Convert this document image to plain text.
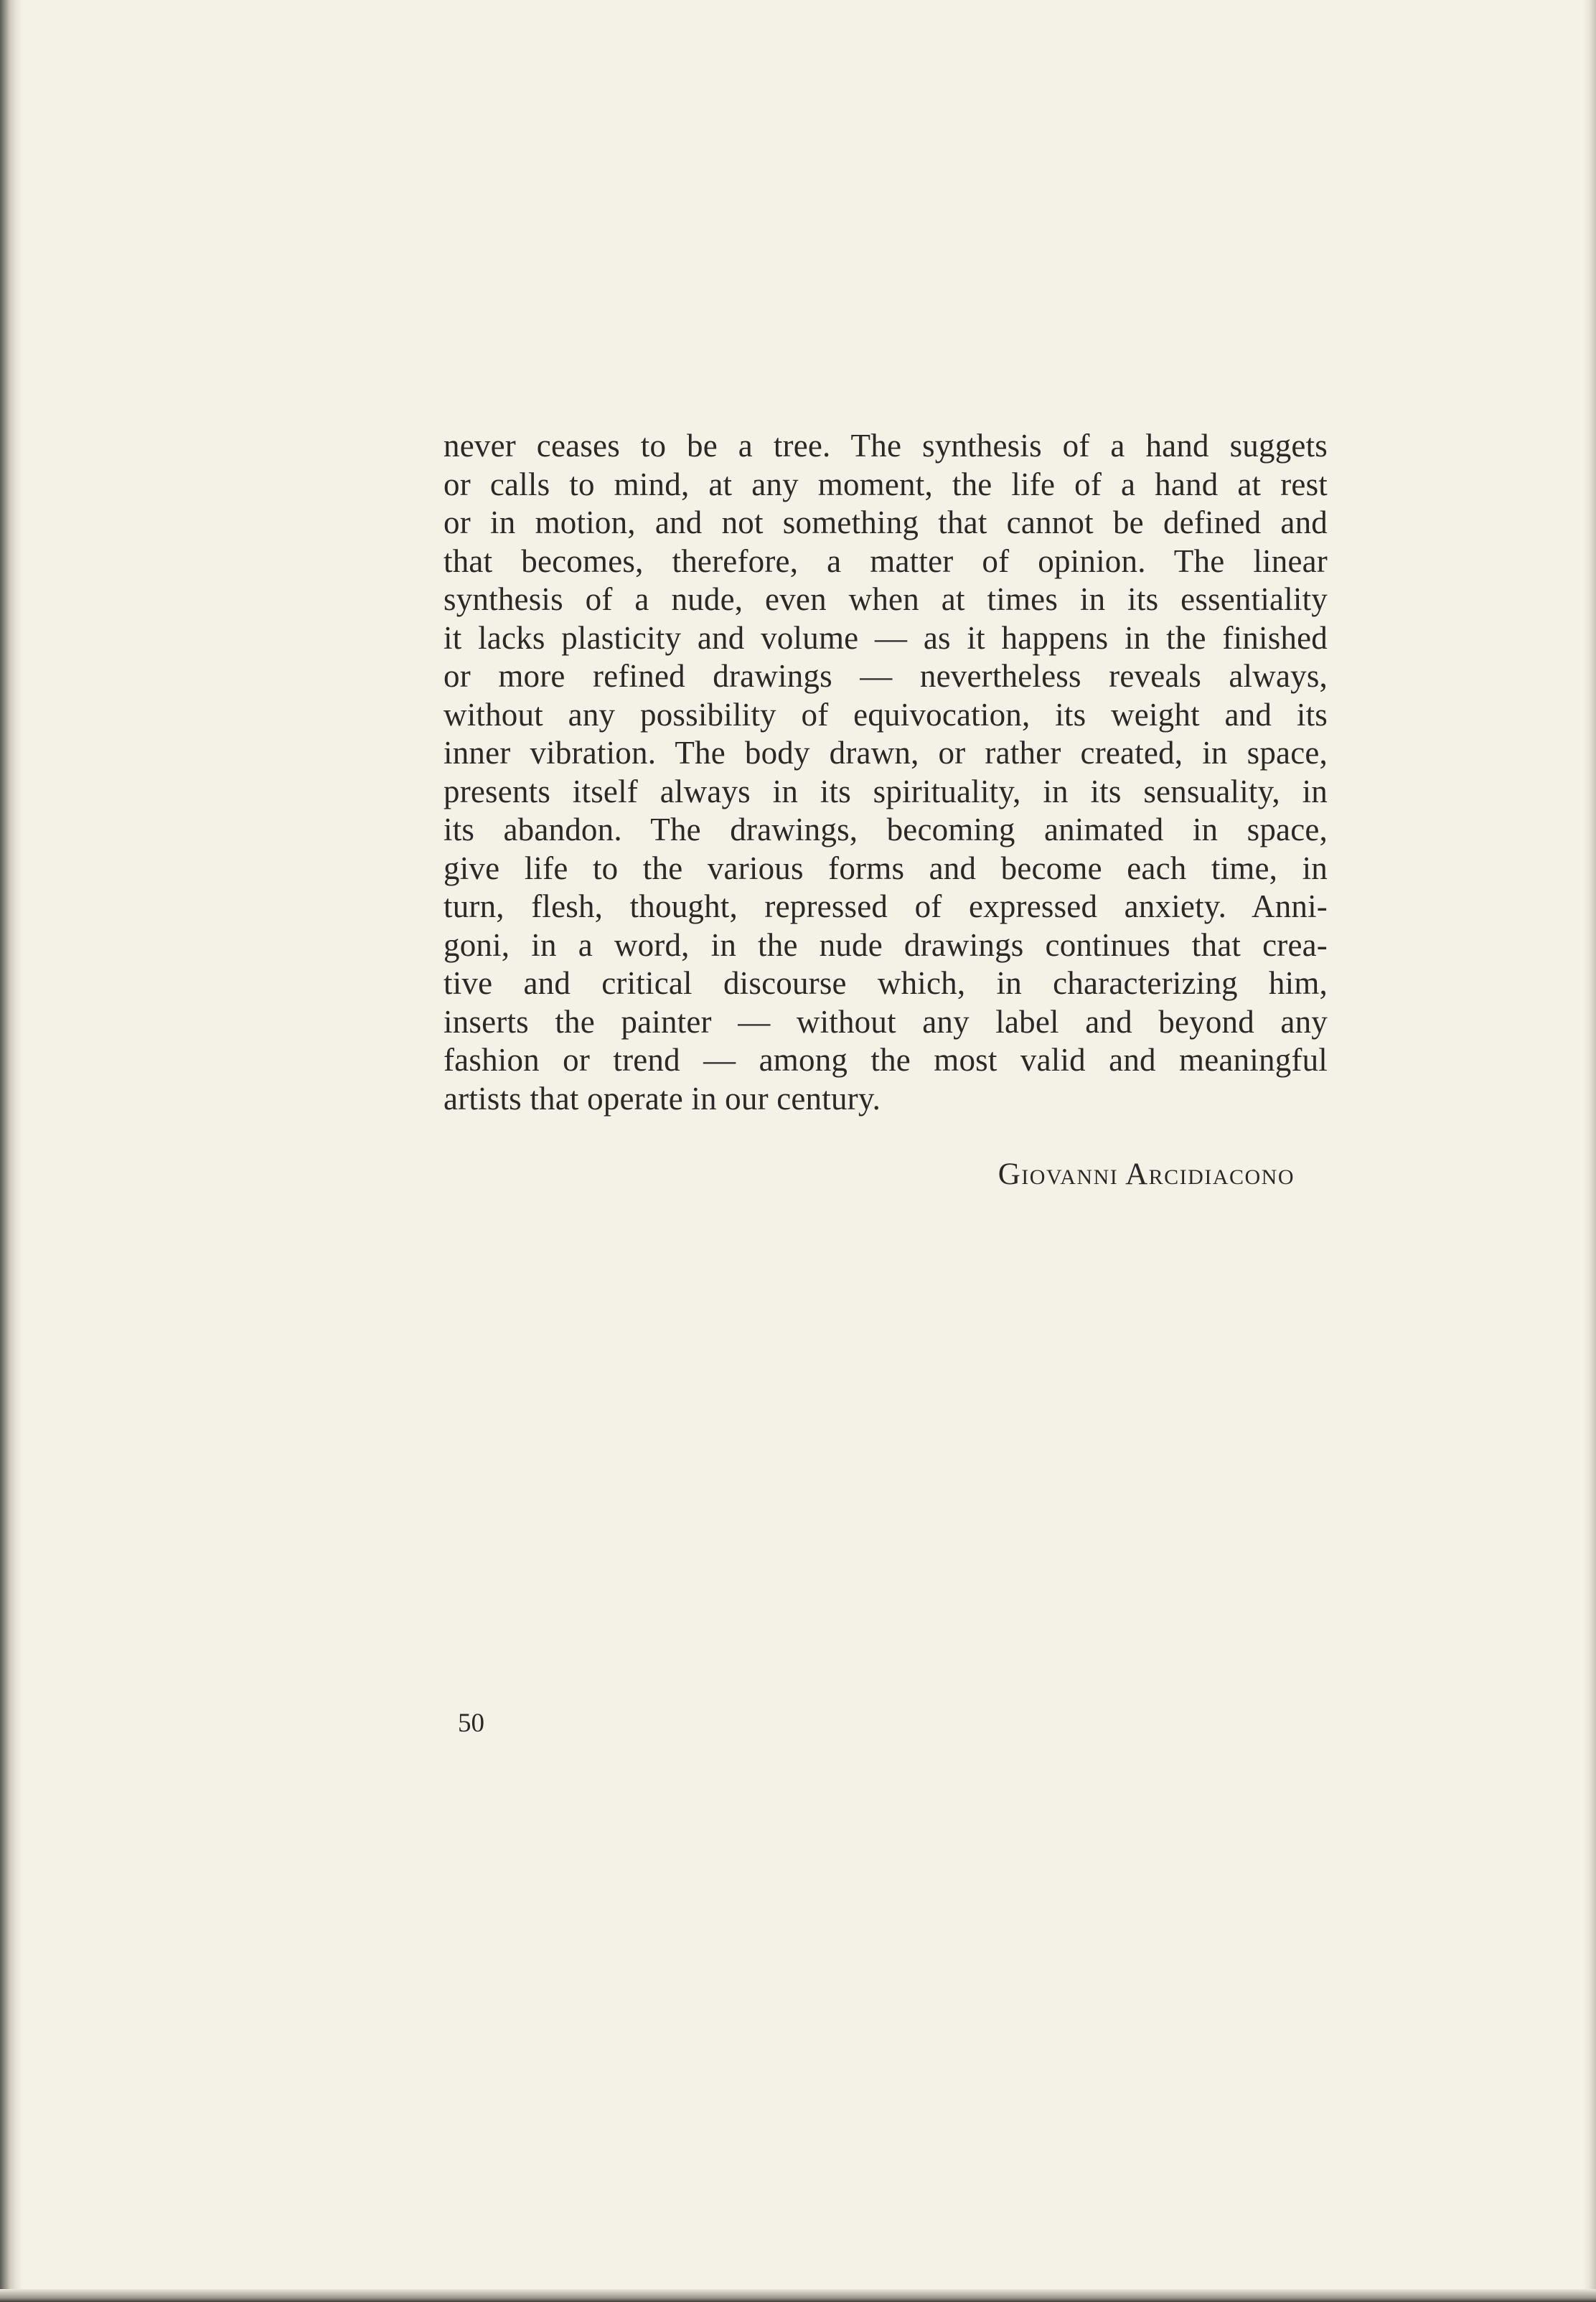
never ceases to be a tree. The synthesis of a hand suggets
or calls to mind, at any moment, the life of a hand at rest
or in motion, and not something that cannot be defined and
that becomes, therefore, a matter of opinion. The linear
synthesis of a nude, even when at times in its essentiality
it lacks plasticity and volume — as it happens in the finished
or more refined drawings — nevertheless reveals always,
without any possibility of equivocation, its weight and its
inner vibration. The body drawn, or rather created, in space,
presents itself always in its spirituality, in its sensuality, in
its abandon. The drawings, becoming animated in space,
give life to the various forms and become each time, in
turn, flesh, thought, repressed of expressed anxiety. Anni-
goni, in a word, in the nude drawings continues that crea-
tive and critical discourse which, in characterizing him,
inserts the painter — without any label and beyond any
fashion or trend — among the most valid and meaningful
artists that operate in our century.
Giovanni Arcidiacono
50
